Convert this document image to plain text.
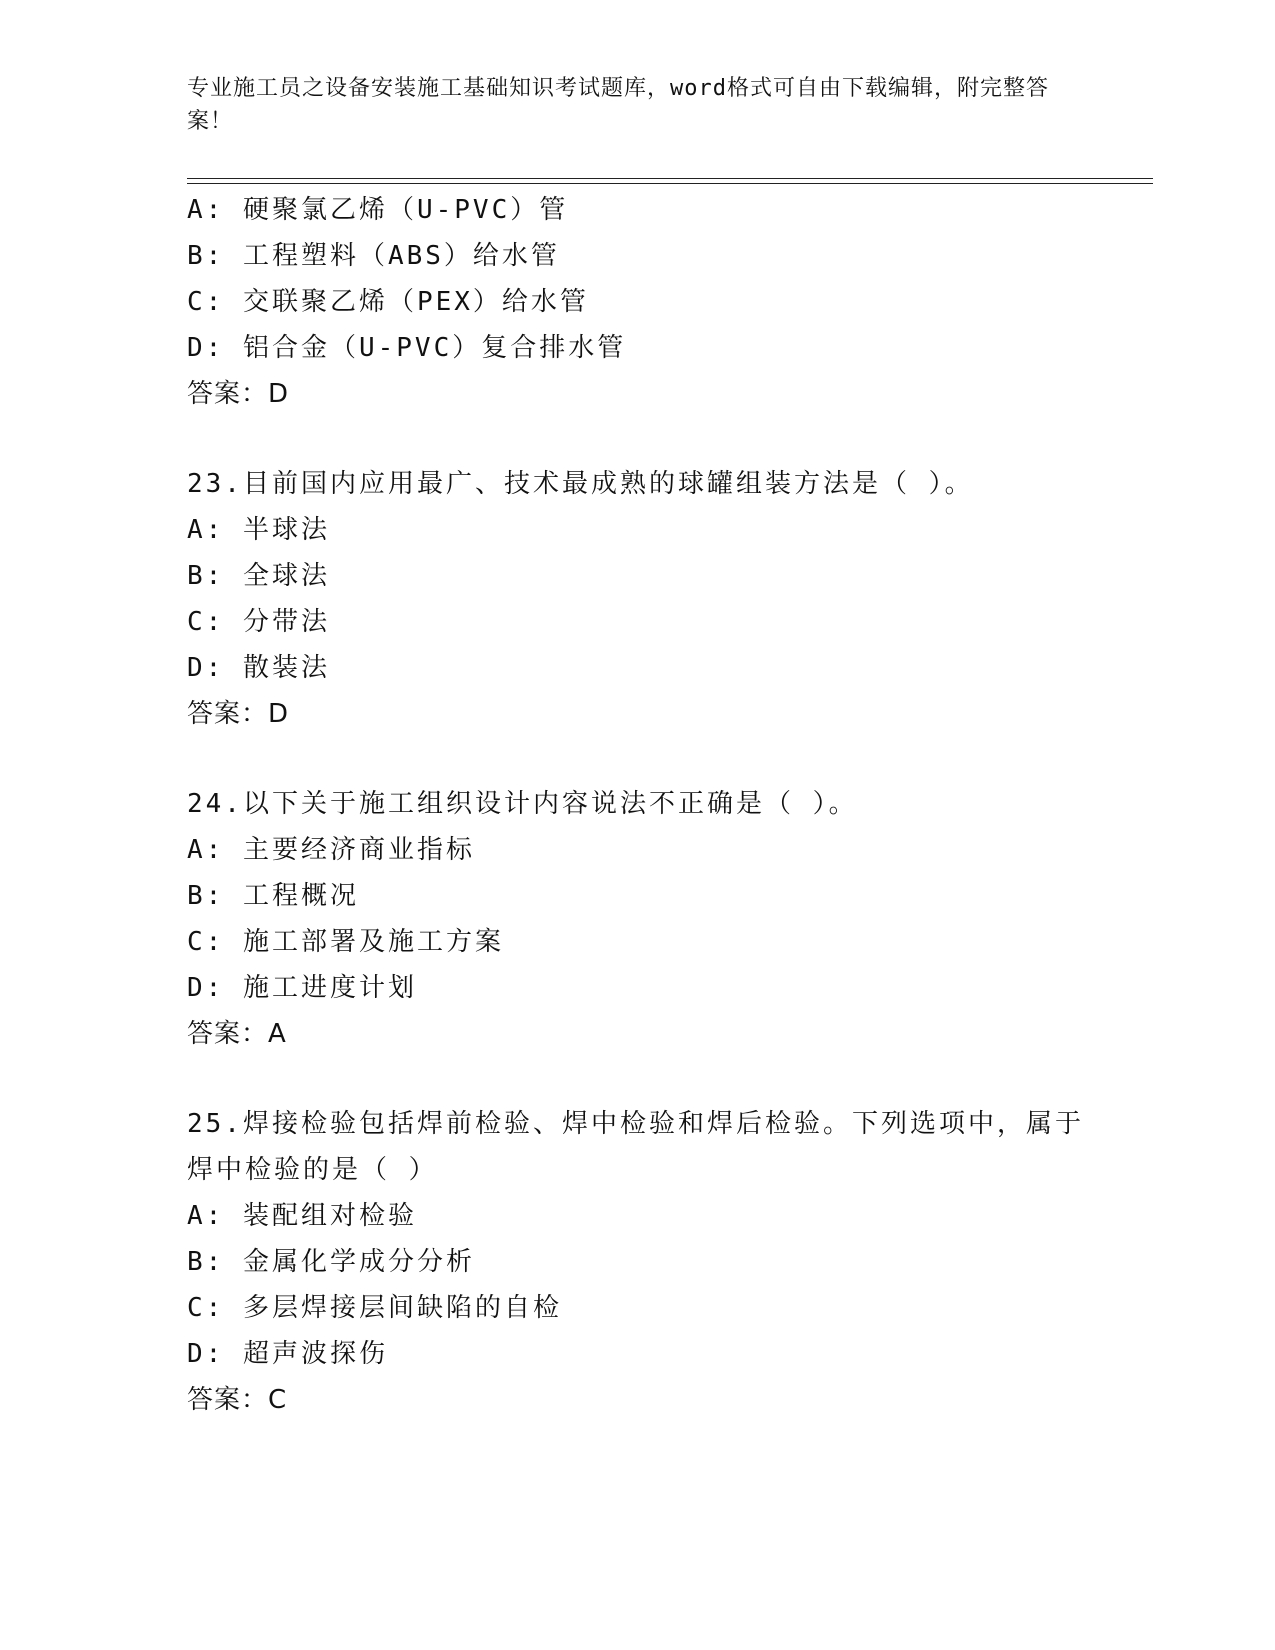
专业施工员之设备安装施工基础知识考试题库，word格式可自由下载编辑，附完整答案！
A: 硬聚氯乙烯（U-PVC）管
B: 工程塑料（ABS）给水管
C: 交联聚乙烯（PEX）给水管
D: 铝合金（U-PVC）复合排水管
答案：D
23.目前国内应用最广、技术最成熟的球罐组装方法是（ ）。
A: 半球法
B: 全球法
C: 分带法
D: 散装法
答案：D
24.以下关于施工组织设计内容说法不正确是（ ）。
A: 主要经济商业指标
B: 工程概况
C: 施工部署及施工方案
D: 施工进度计划
答案：A
25.焊接检验包括焊前检验、焊中检验和焊后检验。下列选项中，属于焊中检验的是（ ）
A: 装配组对检验
B: 金属化学成分分析
C: 多层焊接层间缺陷的自检
D: 超声波探伤
答案：C
